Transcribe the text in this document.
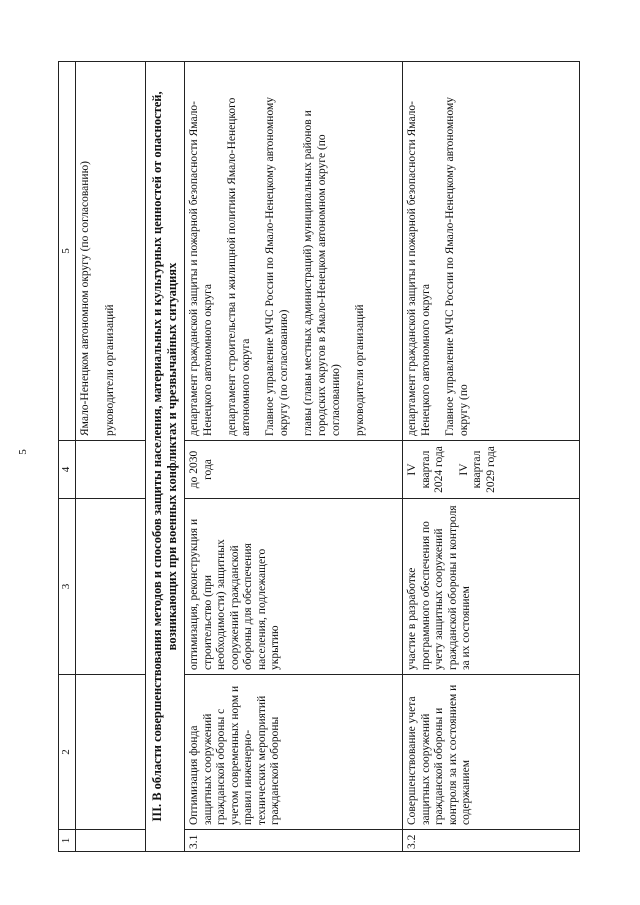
5
1	2	3	4	5

				Ямало-Ненецком автономном округу (по согласованию) руководители организаций

III. В области совершенствования методов и способов защиты населения, материальных и культурных ценностей от опасностей, возникающих при военных конфликтах и чрезвычайных ситуациях				
3.1	Оптимизация фонда защитных сооружений гражданской обороны с учетом современных норм и правил инженерно-технических мероприятий гражданской обороны	оптимизация, реконструкция и строительство (при необходимости) защитных сооружений гражданской обороны для обеспечения населения, подлежащего укрытию	до 2030 года	департамент гражданской защиты и пожарной безопасности Ямало-Ненецкого автономного округа департамент строительства и жилищной политики Ямало-Ненецкого автономного округа Главное управление МЧС России по Ямало-Ненецкому автономному округу (по согласованию) главы (главы местных администраций) муниципальных районов и городских округов в Ямало-Ненецком автономном округе (по согласованию) руководители организаций

3.2	Совершенствование учета защитных сооружений гражданской обороны и контроля за их состоянием и содержанием	участие в разработке программного обеспечения по учету защитных сооружений гражданской обороны и контроля за их состоянием	IV квартал 2024 года IV квартал 2029 года	департамент гражданской защиты и пожарной безопасности Ямало-Ненецкого автономного округа Главное управление МЧС России по Ямало-Ненецкому автономному округу (по
